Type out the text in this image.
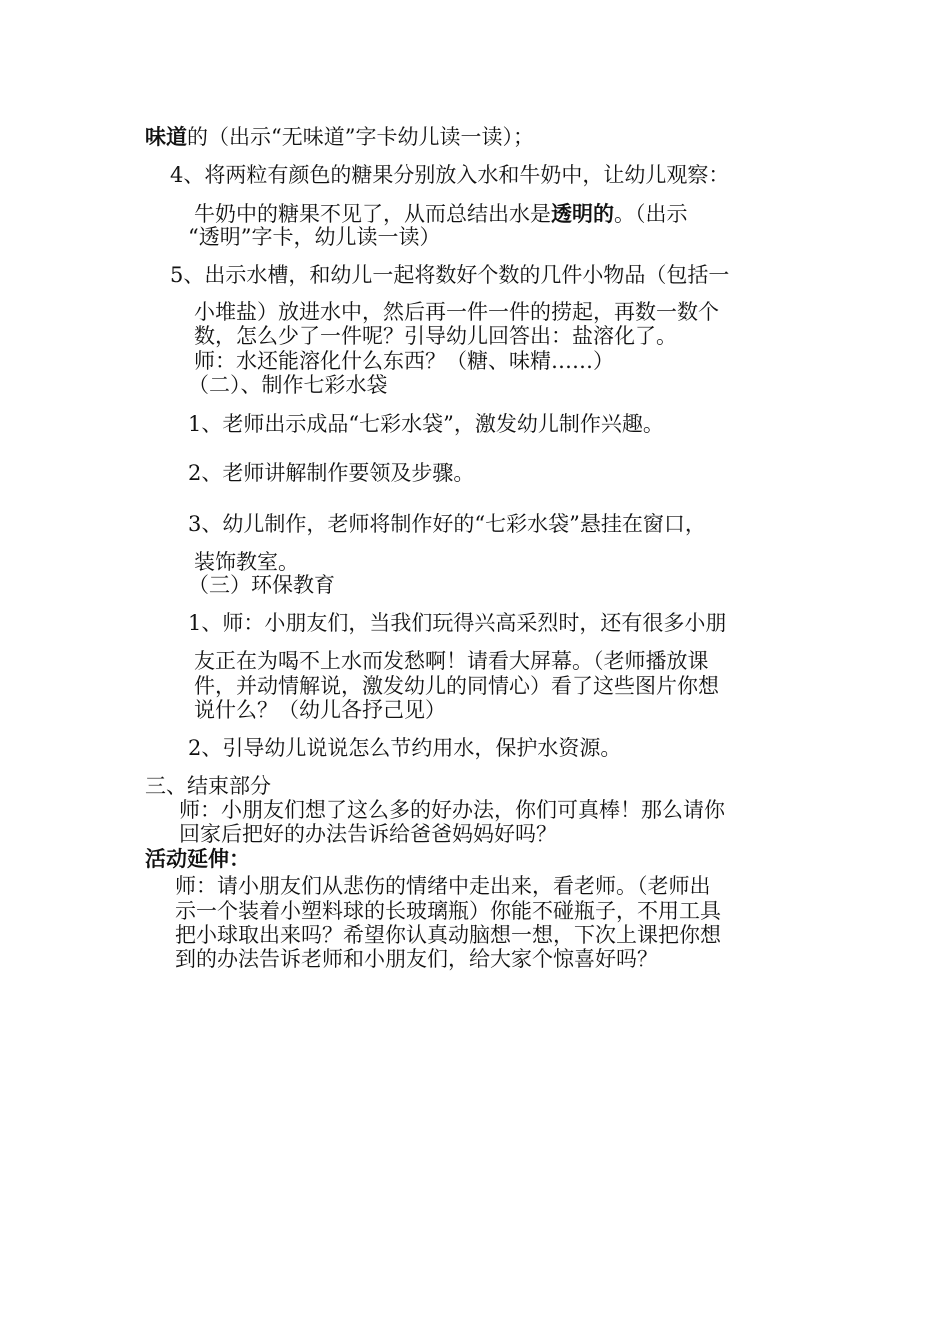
味道的（出示“无味道”字卡幼儿读一读）；
4、将两粒有颜色的糖果分别放入水和牛奶中，让幼儿观察：
牛奶中的糖果不见了，从而总结出水是透明的。（出示
“透明”字卡，幼儿读一读）
5、出示水槽，和幼儿一起将数好个数的几件小物品（包括一
小堆盐）放进水中，然后再一件一件的捞起，再数一数个
数，怎么少了一件呢？引导幼儿回答出：盐溶化了。
师：水还能溶化什么东西？（糖、味精……）
（二）、制作七彩水袋
1、老师出示成品“七彩水袋”，激发幼儿制作兴趣。
2、老师讲解制作要领及步骤。
3、幼儿制作，老师将制作好的“七彩水袋”悬挂在窗口，
装饰教室。
（三）环保教育
1、师：小朋友们，当我们玩得兴高采烈时，还有很多小朋
友正在为喝不上水而发愁啊！请看大屏幕。（老师播放课
件，并动情解说，激发幼儿的同情心）看了这些图片你想
说什么？（幼儿各抒己见）
2、引导幼儿说说怎么节约用水，保护水资源。
三、结束部分
师：小朋友们想了这么多的好办法，你们可真棒！那么请你
回家后把好的办法告诉给爸爸妈妈好吗？
活动延伸：
师：请小朋友们从悲伤的情绪中走出来，看老师。（老师出
示一个装着小塑料球的长玻璃瓶）你能不碰瓶子，不用工具
把小球取出来吗？希望你认真动脑想一想，下次上课把你想
到的办法告诉老师和小朋友们，给大家个惊喜好吗？
